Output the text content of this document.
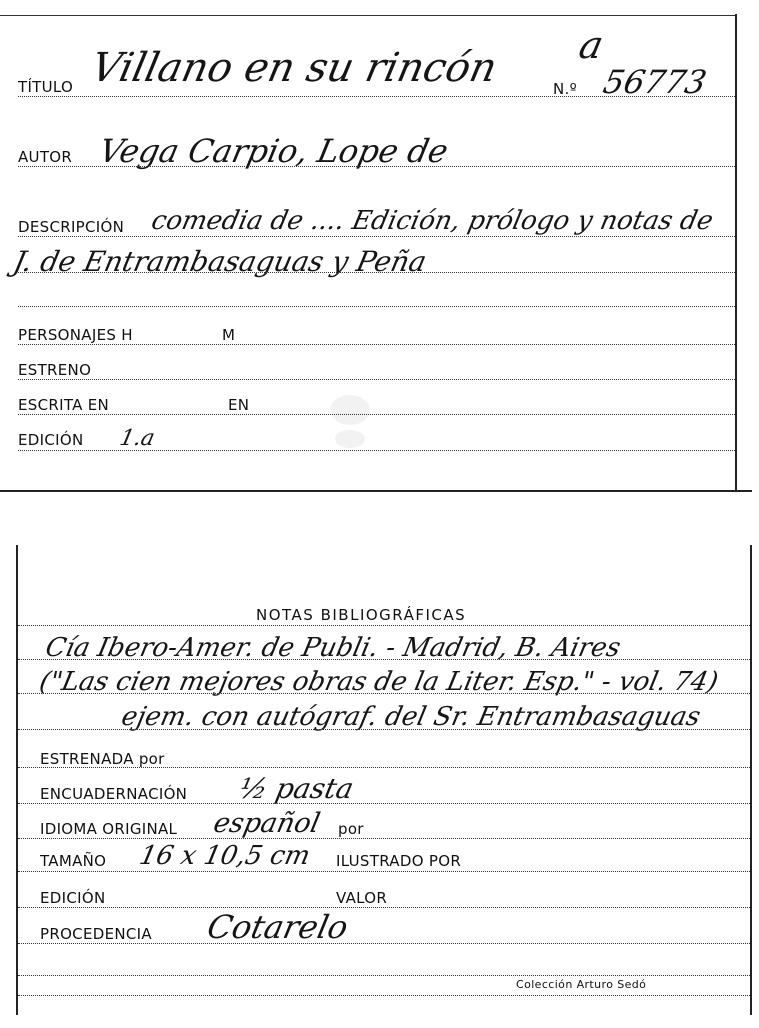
TÍTULO Villano en su rincón	N.º
a
56773
AUTOR Vega Carpio, Lope de
DESCRIPCIÓN comedia de .... Edición, prólogo y notas de
J. de Entrambasaguas y Peña
PERSONAJES H	M
ESTRENO
ESCRITA EN	EN
EDICIÓN 1.a
NOTAS BIBLIOGRÁFICAS
Cía Ibero-Amer. de Publi. - Madrid, B. Aires
("Las cien mejores obras de la Liter. Esp." - vol. 74)
ejem. con autógraf. del Sr. Entrambasaguas
ESTRENADA por
ENCUADERNACIÓN ½ pasta
IDIOMA ORIGINAL español por
TAMAÑO 16 x 10,5 cm ILUSTRADO POR
EDICIÓN	VALOR
PROCEDENCIA Cotarelo
Colección Arturo Sedó
